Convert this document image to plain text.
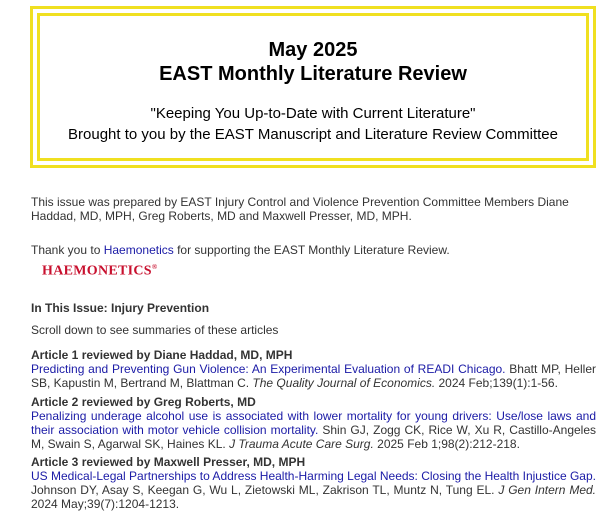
May 2025
EAST Monthly Literature Review
"Keeping You Up-to-Date with Current Literature"
Brought to you by the EAST Manuscript and Literature Review Committee
This issue was prepared by EAST Injury Control and Violence Prevention Committee Members Diane Haddad, MD, MPH, Greg Roberts, MD and Maxwell Presser, MD, MPH.
Thank you to Haemonetics for supporting the EAST Monthly Literature Review.
HAEMONETICS®
In This Issue: Injury Prevention
Scroll down to see summaries of these articles
Article 1 reviewed by Diane Haddad, MD, MPH
Predicting and Preventing Gun Violence: An Experimental Evaluation of READI Chicago. Bhatt MP, Heller SB, Kapustin M, Bertrand M, Blattman C. The Quality Journal of Economics. 2024 Feb;139(1):1-56.
Article 2 reviewed by Greg Roberts, MD
Penalizing underage alcohol use is associated with lower mortality for young drivers: Use/lose laws and their association with motor vehicle collision mortality. Shin GJ, Zogg CK, Rice W, Xu R, Castillo-Angeles M, Swain S, Agarwal SK, Haines KL. J Trauma Acute Care Surg. 2025 Feb 1;98(2):212-218.
Article 3 reviewed by Maxwell Presser, MD, MPH
US Medical-Legal Partnerships to Address Health-Harming Legal Needs: Closing the Health Injustice Gap. Johnson DY, Asay S, Keegan G, Wu L, Zietowski ML, Zakrison TL, Muntz N, Tung EL. J Gen Intern Med. 2024 May;39(7):1204-1213.
